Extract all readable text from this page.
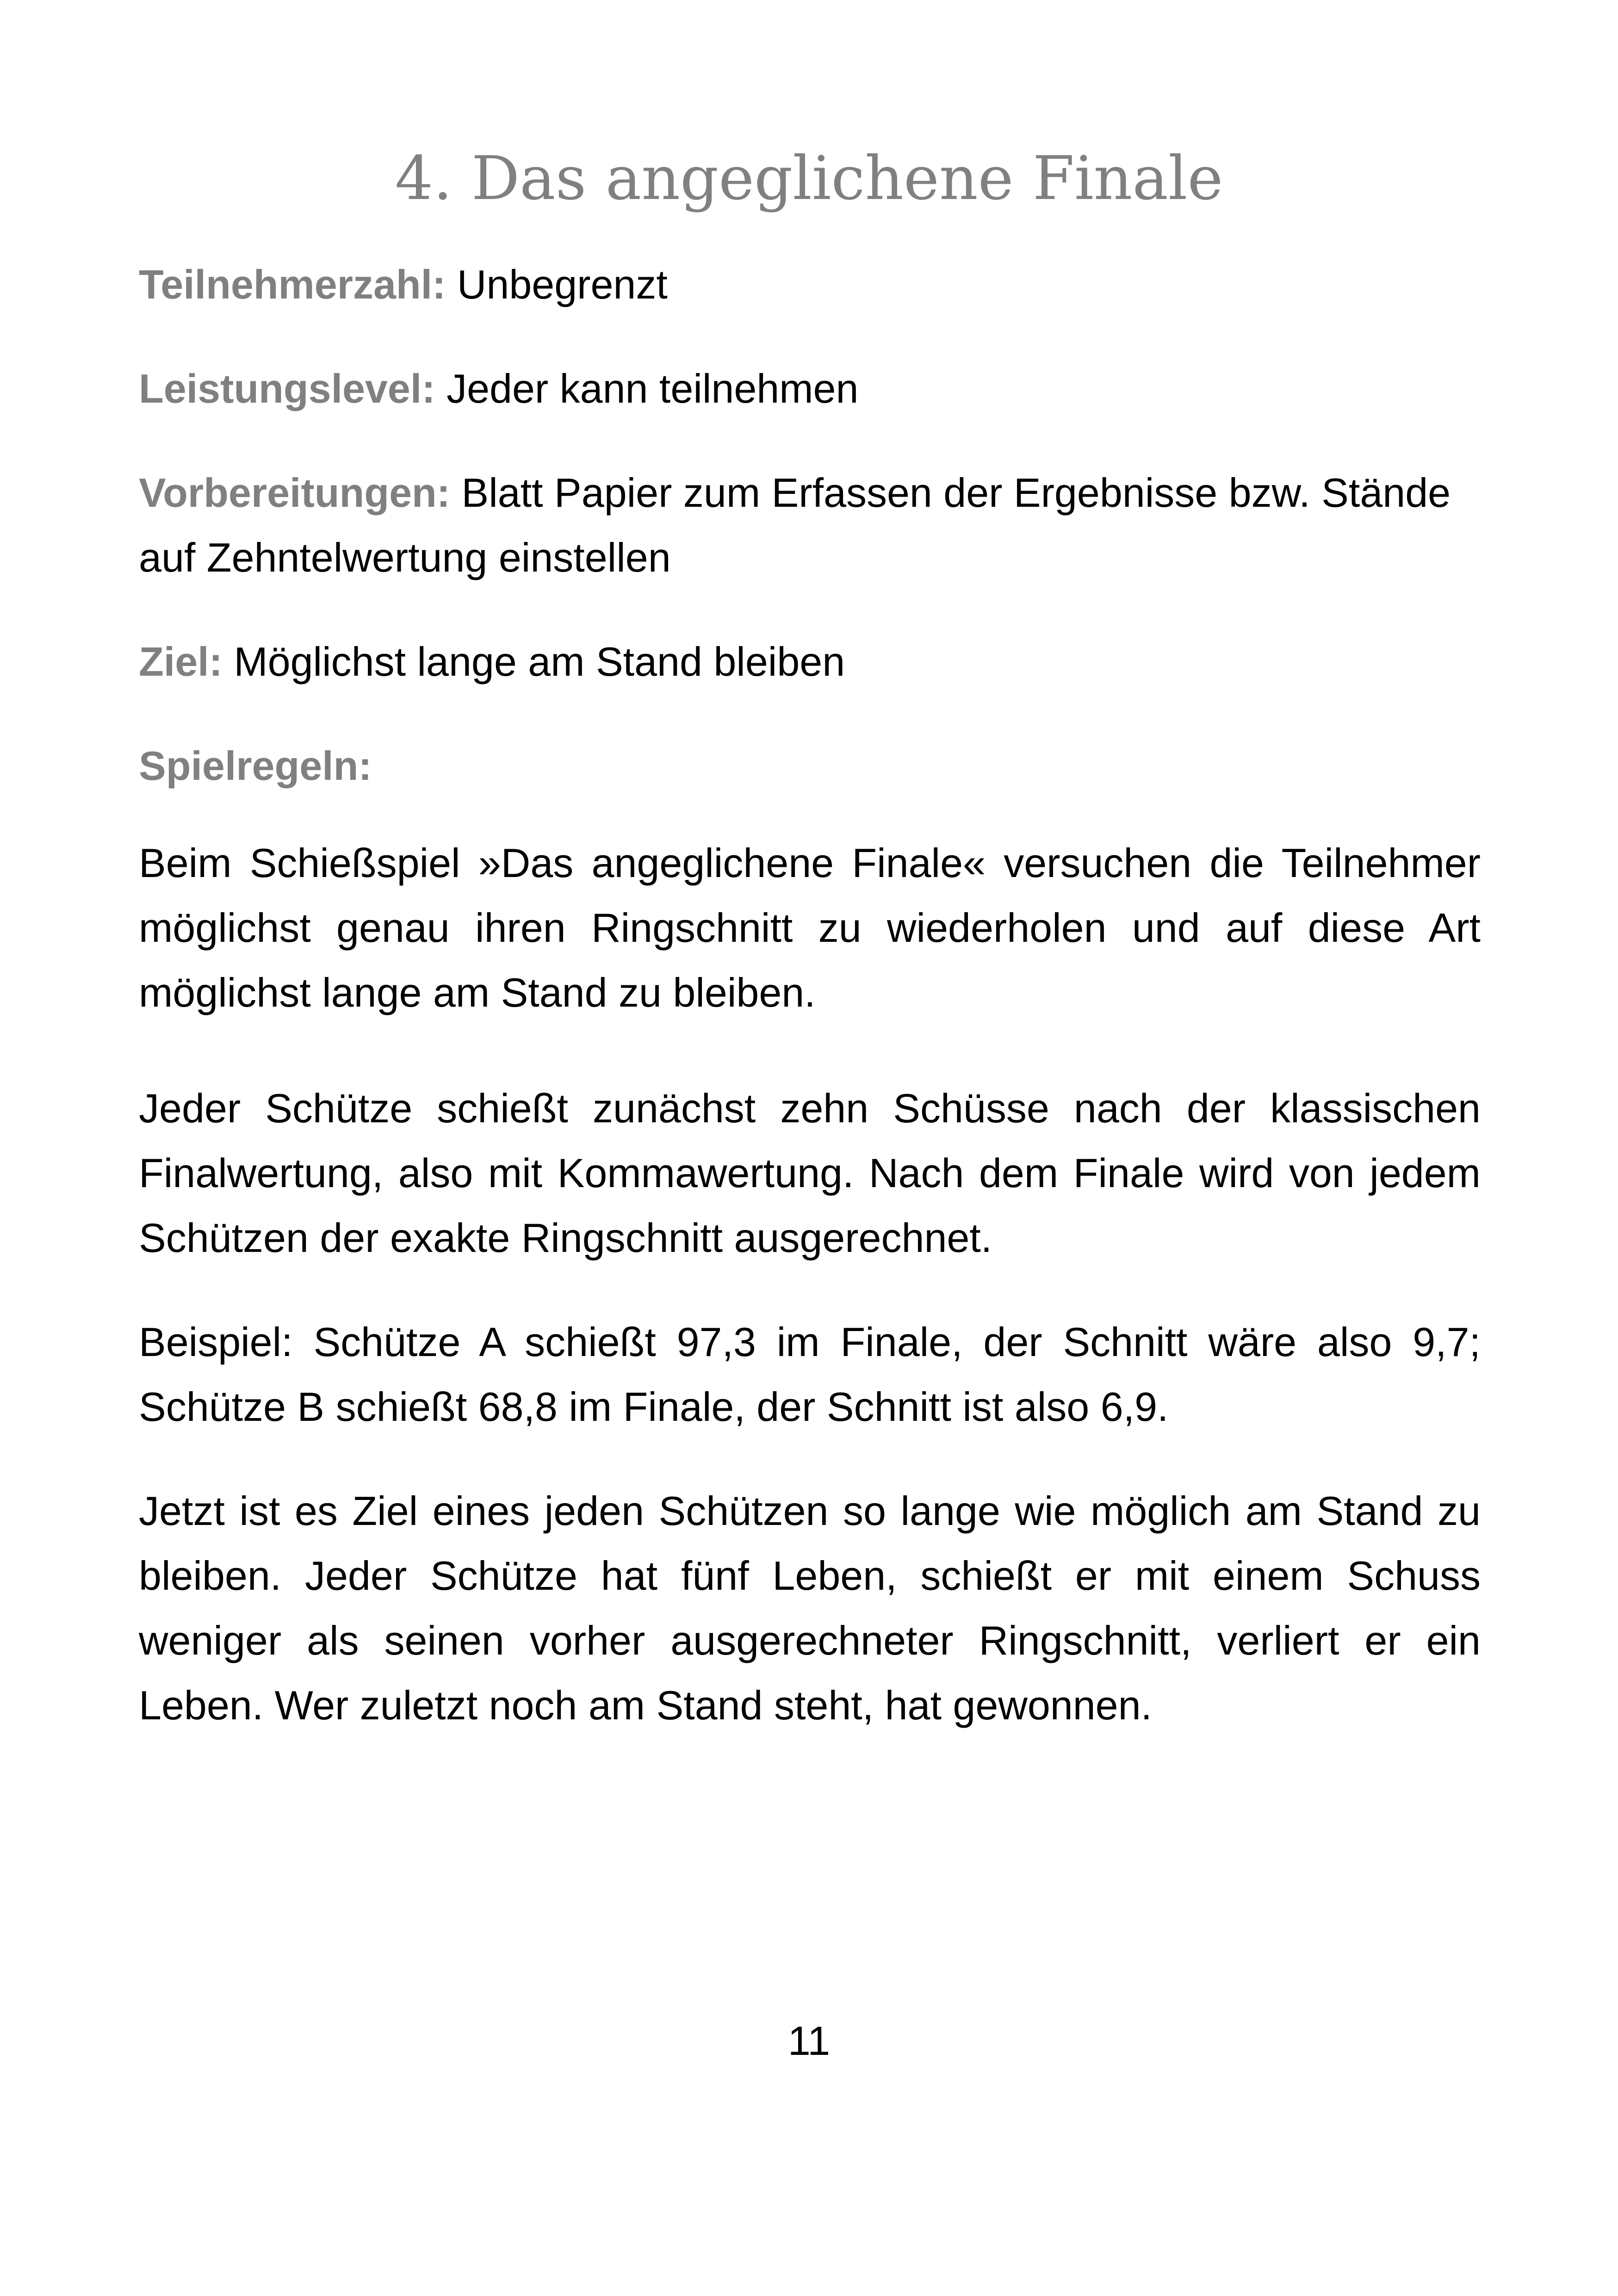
4. Das angeglichene Finale

Teilnehmerzahl: Unbegrenzt

Leistungslevel: Jeder kann teilnehmen

Vorbereitungen: Blatt Papier zum Erfassen der Ergebnisse bzw. Stände auf Zehntelwertung einstellen

Ziel: Möglichst lange am Stand bleiben

Spielregeln:

Beim Schießspiel »Das angeglichene Finale« versuchen die Teilnehmer möglichst genau ihren Ringschnitt zu wiederholen und auf diese Art möglichst lange am Stand zu bleiben.

Jeder Schütze schießt zunächst zehn Schüsse nach der klassischen Finalwertung, also mit Kommawertung. Nach dem Finale wird von jedem Schützen der exakte Ringschnitt ausgerechnet.

Beispiel: Schütze A schießt 97,3 im Finale, der Schnitt wäre also 9,7; Schütze B schießt 68,8 im Finale, der Schnitt ist also 6,9.

Jetzt ist es Ziel eines jeden Schützen so lange wie möglich am Stand zu bleiben. Jeder Schütze hat fünf Leben, schießt er mit einem Schuss weniger als seinen vorher ausgerechneter Ringschnitt, verliert er ein Leben. Wer zuletzt noch am Stand steht, hat gewonnen.

11
